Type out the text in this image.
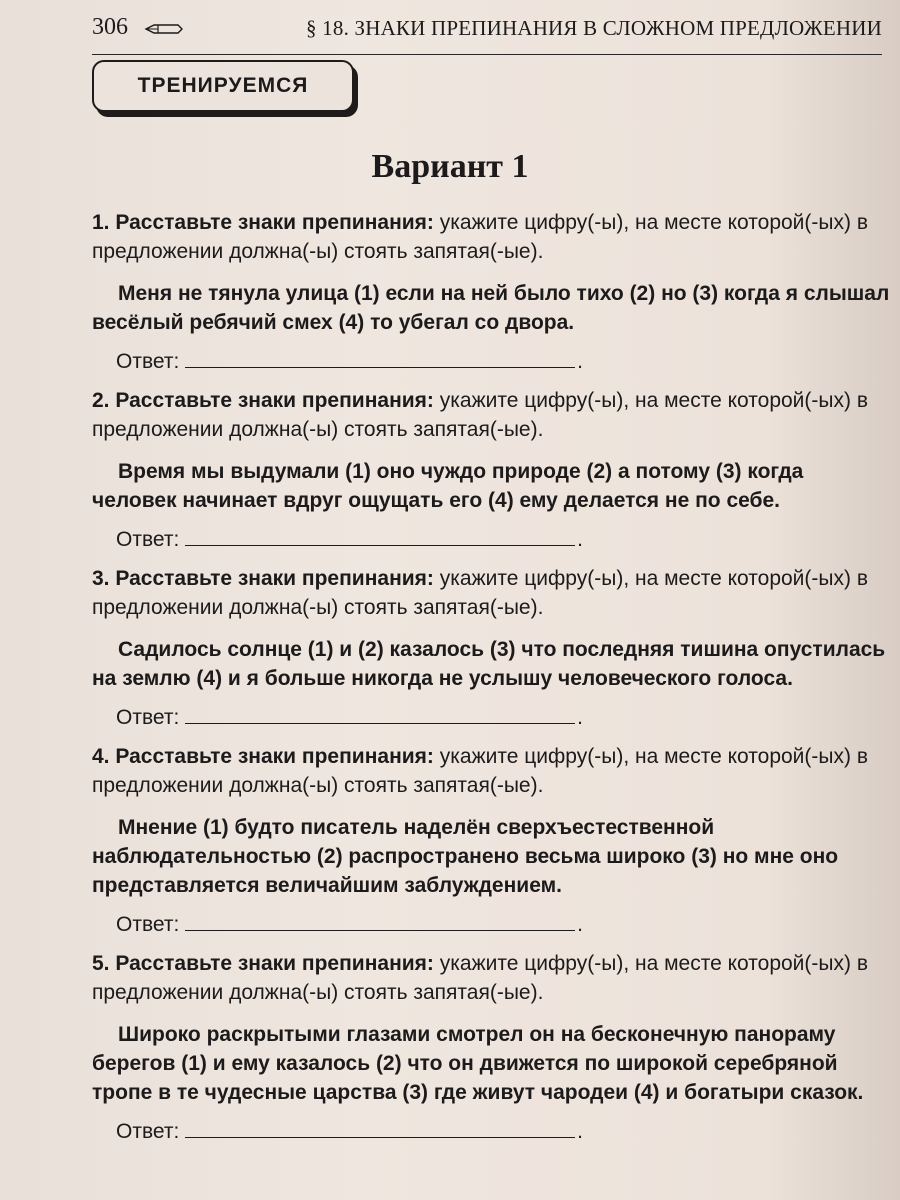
306	§ 18. ЗНАКИ ПРЕПИНАНИЯ В СЛОЖНОМ ПРЕДЛОЖЕНИИ
ТРЕНИРУЕМСЯ
Вариант 1
1. Расставьте знаки препинания: укажите цифру(-ы), на месте которой(-ых) в предложении должна(-ы) стоять запятая(-ые).
Меня не тянула улица (1) если на ней было тихо (2) но (3) когда я слышал весёлый ребячий смех (4) то убегал со двора.
Ответ:	.
2. Расставьте знаки препинания: укажите цифру(-ы), на месте которой(-ых) в предложении должна(-ы) стоять запятая(-ые).
Время мы выдумали (1) оно чуждо природе (2) а потому (3) когда человек начинает вдруг ощущать его (4) ему делается не по себе.
Ответ:	.
3. Расставьте знаки препинания: укажите цифру(-ы), на месте которой(-ых) в предложении должна(-ы) стоять запятая(-ые).
Садилось солнце (1) и (2) казалось (3) что последняя тишина опустилась на землю (4) и я больше никогда не услышу человеческого голоса.
Ответ:	.
4. Расставьте знаки препинания: укажите цифру(-ы), на месте которой(-ых) в предложении должна(-ы) стоять запятая(-ые).
Мнение (1) будто писатель наделён сверхъестественной наблюдательностью (2) распространено весьма широко (3) но мне оно представляется величайшим заблуждением.
Ответ:	.
5. Расставьте знаки препинания: укажите цифру(-ы), на месте которой(-ых) в предложении должна(-ы) стоять запятая(-ые).
Широко раскрытыми глазами смотрел он на бесконечную панораму берегов (1) и ему казалось (2) что он движется по широкой серебряной тропе в те чудесные царства (3) где живут чародеи (4) и богатыри сказок.
Ответ:	.
